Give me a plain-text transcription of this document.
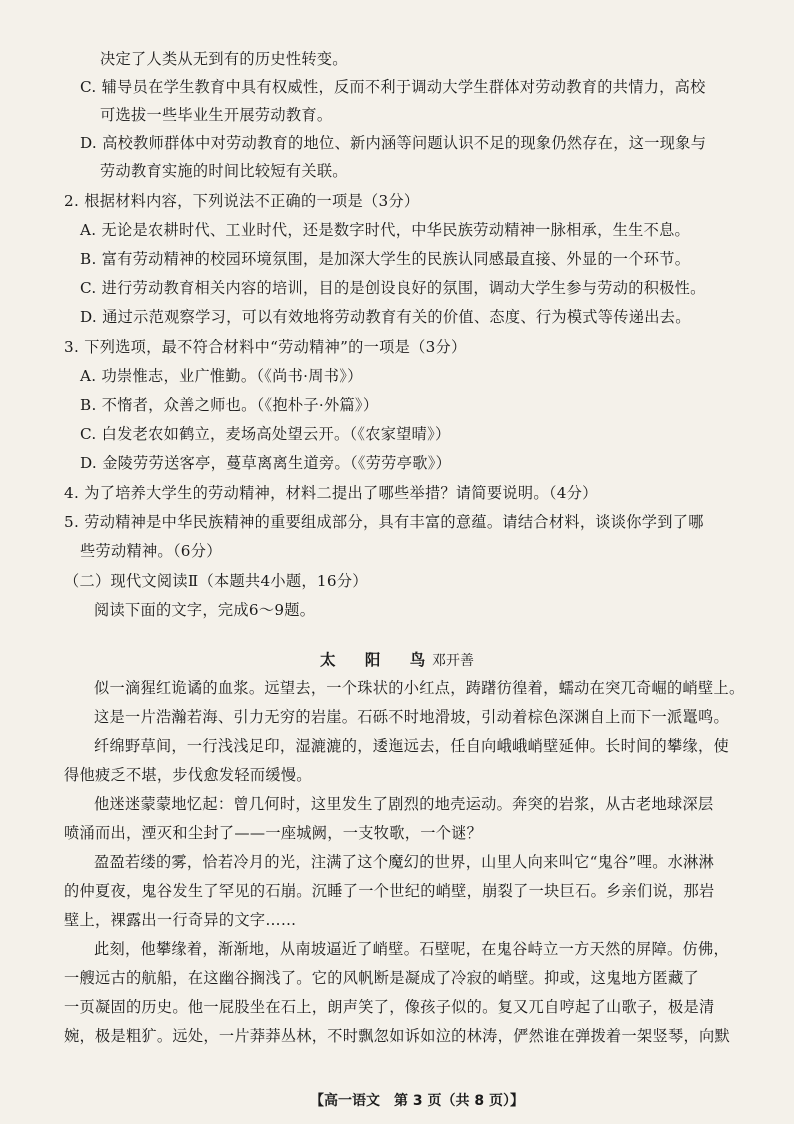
决定了人类从无到有的历史性转变。
C. 辅导员在学生教育中具有权威性，反而不利于调动大学生群体对劳动教育的共情力，高校
可选拔一些毕业生开展劳动教育。
D. 高校教师群体中对劳动教育的地位、新内涵等问题认识不足的现象仍然存在，这一现象与
劳动教育实施的时间比较短有关联。
2. 根据材料内容，下列说法不正确的一项是（3分）
A. 无论是农耕时代、工业时代，还是数字时代，中华民族劳动精神一脉相承，生生不息。
B. 富有劳动精神的校园环境氛围，是加深大学生的民族认同感最直接、外显的一个环节。
C. 进行劳动教育相关内容的培训，目的是创设良好的氛围，调动大学生参与劳动的积极性。
D. 通过示范观察学习，可以有效地将劳动教育有关的价值、态度、行为模式等传递出去。
3. 下列选项，最不符合材料中“劳动精神”的一项是（3分）
A. 功崇惟志，业广惟勤。（《尚书·周书》）
B. 不惰者，众善之师也。（《抱朴子·外篇》）
C. 白发老农如鹤立，麦场高处望云开。（《农家望晴》）
D. 金陵劳劳送客亭，蔓草离离生道旁。（《劳劳亭歌》）
4. 为了培养大学生的劳动精神，材料二提出了哪些举措？请简要说明。（4分）
5. 劳动精神是中华民族精神的重要组成部分，具有丰富的意蕴。请结合材料，谈谈你学到了哪
些劳动精神。（6分）
（二）现代文阅读Ⅱ（本题共4小题，16分）
阅读下面的文字，完成6～9题。
似一滴猩红诡谲的血浆。远望去，一个珠状的小红点，踌躇彷徨着，蠕动在突兀奇崛的峭壁上。
这是一片浩瀚若海、引力无穷的岩崖。石砾不时地滑坡，引动着棕色深渊自上而下一派鼍鸣。
纤绵野草间，一行浅浅足印，湿漉漉的，逶迤远去，任自向峨峨峭壁延伸。长时间的攀缘，使
得他疲乏不堪，步伐愈发轻而缓慢。
他迷迷蒙蒙地忆起：曾几何时，这里发生了剧烈的地壳运动。奔突的岩浆，从古老地球深层
喷涌而出，湮灭和尘封了——一座城阙，一支牧歌，一个谜？
盈盈若缕的雾，恰若冷月的光，注满了这个魔幻的世界，山里人向来叫它“鬼谷”哩。水淋淋
的仲夏夜，鬼谷发生了罕见的石崩。沉睡了一个世纪的峭壁，崩裂了一块巨石。乡亲们说，那岩
壁上，裸露出一行奇异的文字……
此刻，他攀缘着，渐渐地，从南坡逼近了峭壁。石壁呢，在鬼谷峙立一方天然的屏障。仿佛，
一艘远古的航船，在这幽谷搁浅了。它的风帆断是凝成了冷寂的峭壁。抑或，这鬼地方匿藏了
一页凝固的历史。他一屁股坐在石上，朗声笑了，像孩子似的。复又兀自哼起了山歌子，极是清
婉，极是粗犷。远处，一片莽莽丛林，不时飘忽如诉如泣的林涛，俨然谁在弹拨着一架竖琴，向默
太 阳 鸟
邓开善
【高一语文　第 3 页（共 8 页）】
